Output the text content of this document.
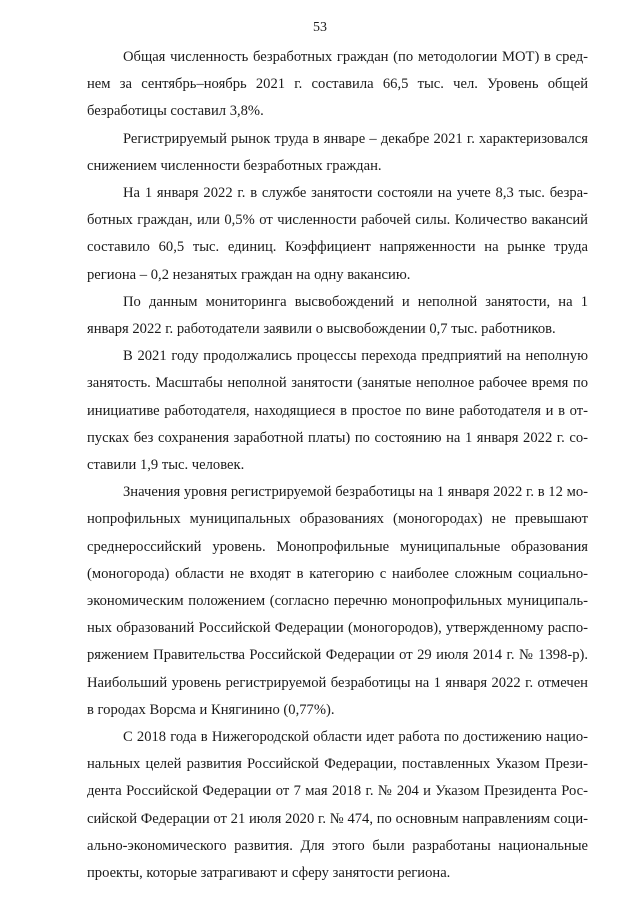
53

Общая численность безработных граждан (по методологии МОТ) в среднем за сентябрь–ноябрь 2021 г. составила 66,5 тыс. чел. Уровень общей безработицы составил 3,8%.

Регистрируемый рынок труда в январе – декабре 2021 г. характеризовался снижением численности безработных граждан.

На 1 января 2022 г. в службе занятости состояли на учете 8,3 тыс. безработных граждан, или 0,5% от численности рабочей силы. Количество вакансий составило 60,5 тыс. единиц. Коэффициент напряженности на рынке труда региона – 0,2 незанятых граждан на одну вакансию.

По данным мониторинга высвобождений и неполной занятости, на 1 января 2022 г. работодатели заявили о высвобождении 0,7 тыс. работников.

В 2021 году продолжались процессы перехода предприятий на неполную занятость. Масштабы неполной занятости (занятые неполное рабочее время по инициативе работодателя, находящиеся в простое по вине работодателя и в отпусках без сохранения заработной платы) по состоянию на 1 января 2022 г. составили 1,9 тыс. человек.

Значения уровня регистрируемой безработицы на 1 января 2022 г. в 12 монопрофильных муниципальных образованиях (моногородах) не превышают среднероссийский уровень. Монопрофильные муниципальные образования (моногорода) области не входят в категорию с наиболее сложным социально-экономическим положением (согласно перечню монопрофильных муниципальных образований Российской Федерации (моногородов), утвержденному распоряжением Правительства Российской Федерации от 29 июля 2014 г. № 1398-р). Наибольший уровень регистрируемой безработицы на 1 января 2022 г. отмечен в городах Ворсма и Княгинино (0,77%).

С 2018 года в Нижегородской области идет работа по достижению национальных целей развития Российской Федерации, поставленных Указом Президента Российской Федерации от 7 мая 2018 г. № 204 и Указом Президента Российской Федерации от 21 июля 2020 г. № 474, по основным направлениям социально-экономического развития. Для этого были разработаны национальные проекты, которые затрагивают и сферу занятости региона.
